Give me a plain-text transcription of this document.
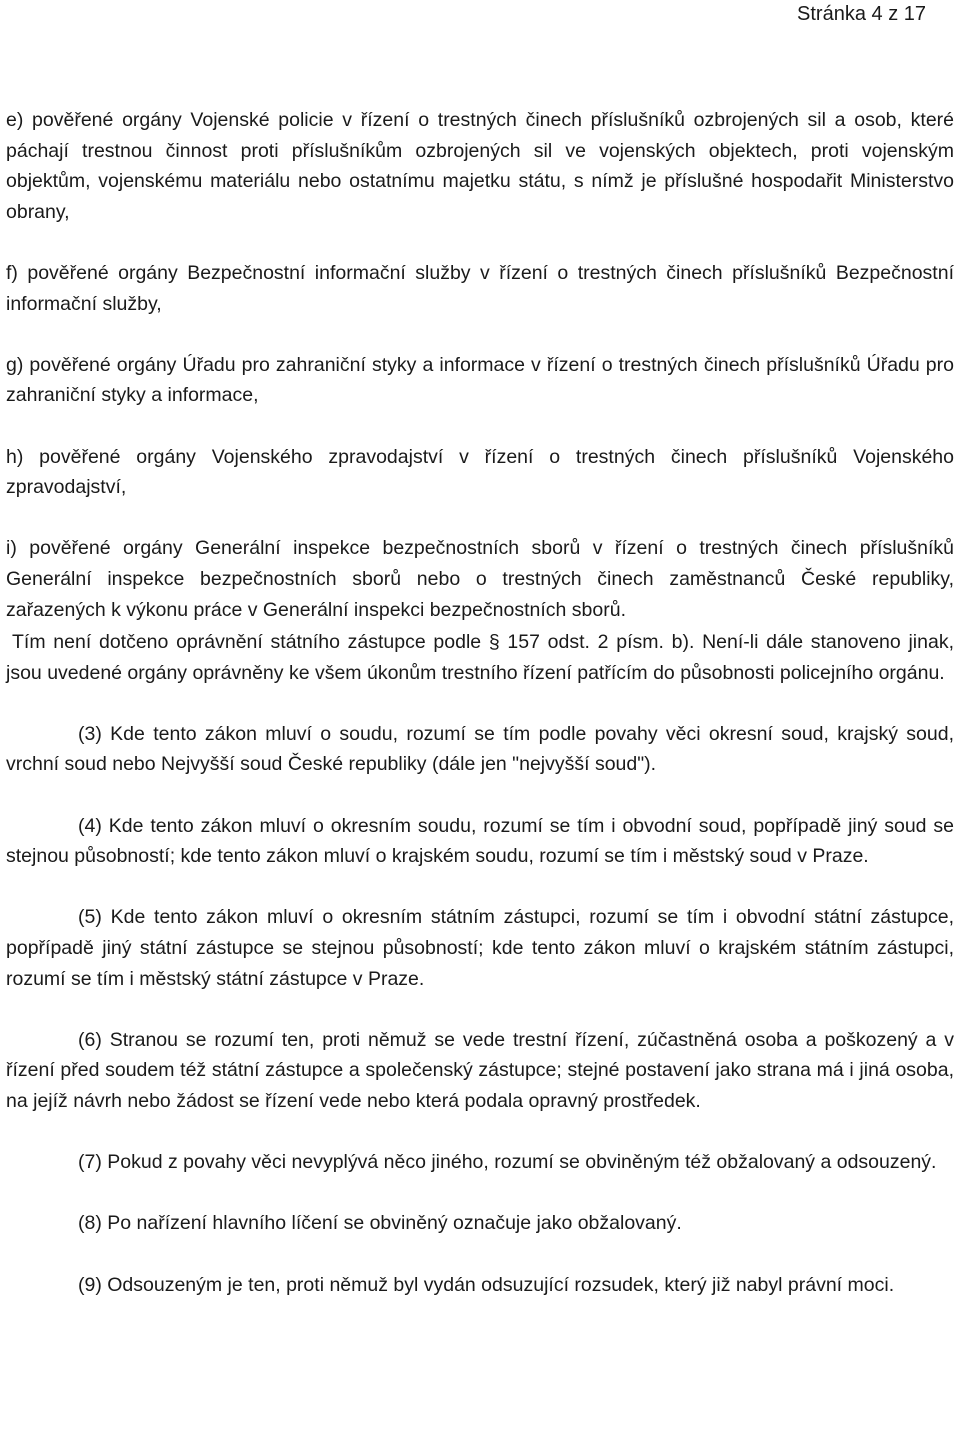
Stránka 4 z 17

e) pověřené orgány Vojenské policie v řízení o trestných činech příslušníků ozbrojených sil a osob, které páchají trestnou činnost proti příslušníkům ozbrojených sil ve vojenských objektech, proti vojenským objektům, vojenskému materiálu nebo ostatnímu majetku státu, s nímž je příslušné hospodařit Ministerstvo obrany,

f) pověřené orgány Bezpečnostní informační služby v řízení o trestných činech příslušníků Bezpečnostní informační služby,

g) pověřené orgány Úřadu pro zahraniční styky a informace v řízení o trestných činech příslušníků Úřadu pro zahraniční styky a informace,

h) pověřené orgány Vojenského zpravodajství v řízení o trestných činech příslušníků Vojenského zpravodajství,

i) pověřené orgány Generální inspekce bezpečnostních sborů v řízení o trestných činech příslušníků Generální inspekce bezpečnostních sborů nebo o trestných činech zaměstnanců České republiky, zařazených k výkonu práce v Generální inspekci bezpečnostních sborů.

Tím není dotčeno oprávnění státního zástupce podle § 157 odst. 2 písm. b). Není-li dále stanoveno jinak, jsou uvedené orgány oprávněny ke všem úkonům trestního řízení patřícím do působnosti policejního orgánu.

(3) Kde tento zákon mluví o soudu, rozumí se tím podle povahy věci okresní soud, krajský soud, vrchní soud nebo Nejvyšší soud České republiky (dále jen "nejvyšší soud").

(4) Kde tento zákon mluví o okresním soudu, rozumí se tím i obvodní soud, popřípadě jiný soud se stejnou působností; kde tento zákon mluví o krajském soudu, rozumí se tím i městský soud v Praze.

(5) Kde tento zákon mluví o okresním státním zástupci, rozumí se tím i obvodní státní zástupce, popřípadě jiný státní zástupce se stejnou působností; kde tento zákon mluví o krajském státním zástupci, rozumí se tím i městský státní zástupce v Praze.

(6) Stranou se rozumí ten, proti němuž se vede trestní řízení, zúčastněná osoba a poškozený a v řízení před soudem též státní zástupce a společenský zástupce; stejné postavení jako strana má i jiná osoba, na jejíž návrh nebo žádost se řízení vede nebo která podala opravný prostředek.

(7) Pokud z povahy věci nevyplývá něco jiného, rozumí se obviněným též obžalovaný a odsouzený.

(8) Po nařízení hlavního líčení se obviněný označuje jako obžalovaný.

(9) Odsouzeným je ten, proti němuž byl vydán odsuzující rozsudek, který již nabyl právní moci.
